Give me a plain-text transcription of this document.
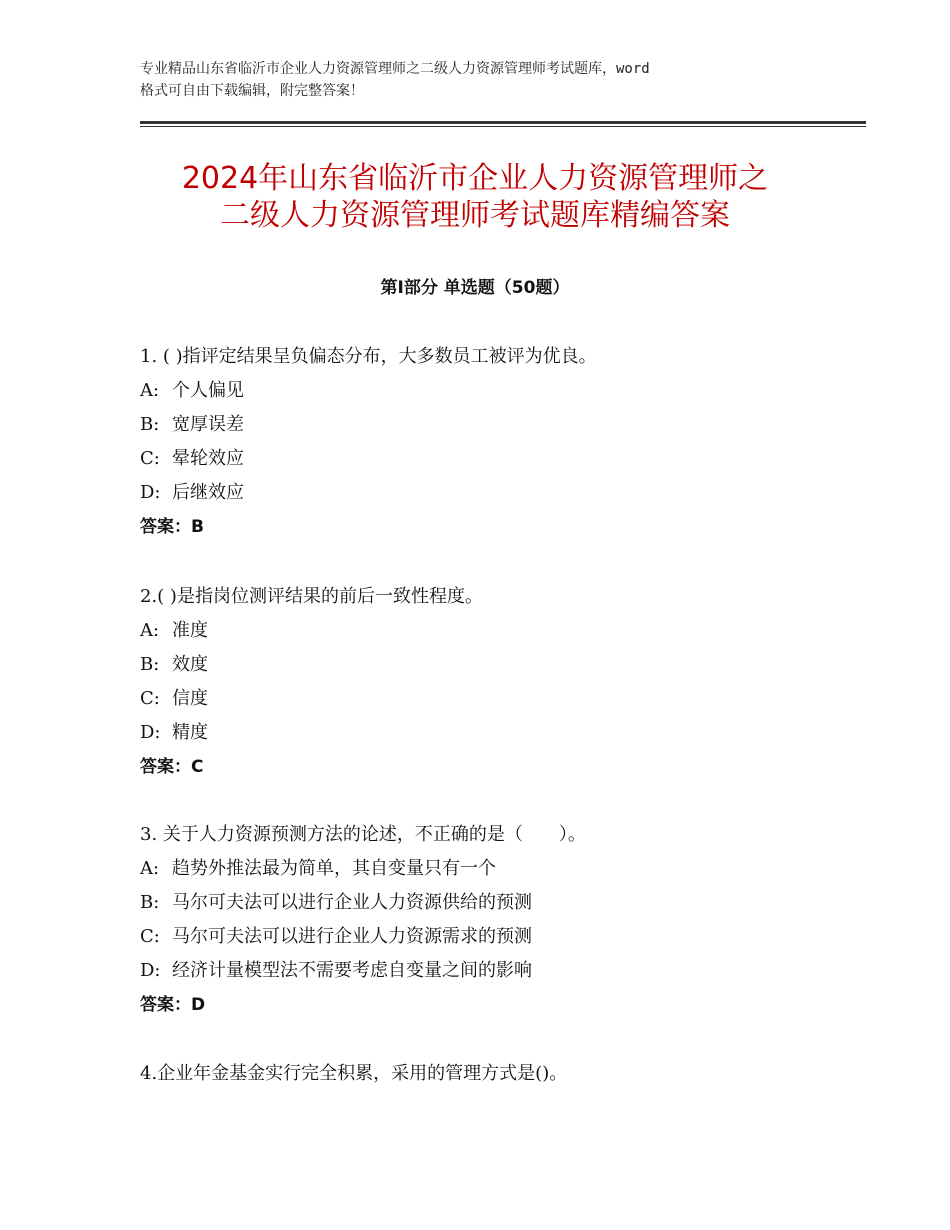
专业精品山东省临沂市企业人力资源管理师之二级人力资源管理师考试题库，word
格式可自由下载编辑，附完整答案！
2024年山东省临沂市企业人力资源管理师之
二级人力资源管理师考试题库精编答案
第Ⅰ部分 单选题（50题）
1. ( )指评定结果呈负偏态分布，大多数员工被评为优良。
A: 个人偏见
B: 宽厚误差
C: 晕轮效应
D: 后继效应
答案：B
2.( )是指岗位测评结果的前后一致性程度。
A: 准度
B: 效度
C: 信度
D: 精度
答案：C
3. 关于人力资源预测方法的论述，不正确的是（　　）。
A: 趋势外推法最为简单，其自变量只有一个
B: 马尔可夫法可以进行企业人力资源供给的预测
C: 马尔可夫法可以进行企业人力资源需求的预测
D: 经济计量模型法不需要考虑自变量之间的影响
答案：D
4.企业年金基金实行完全积累，采用的管理方式是()。
